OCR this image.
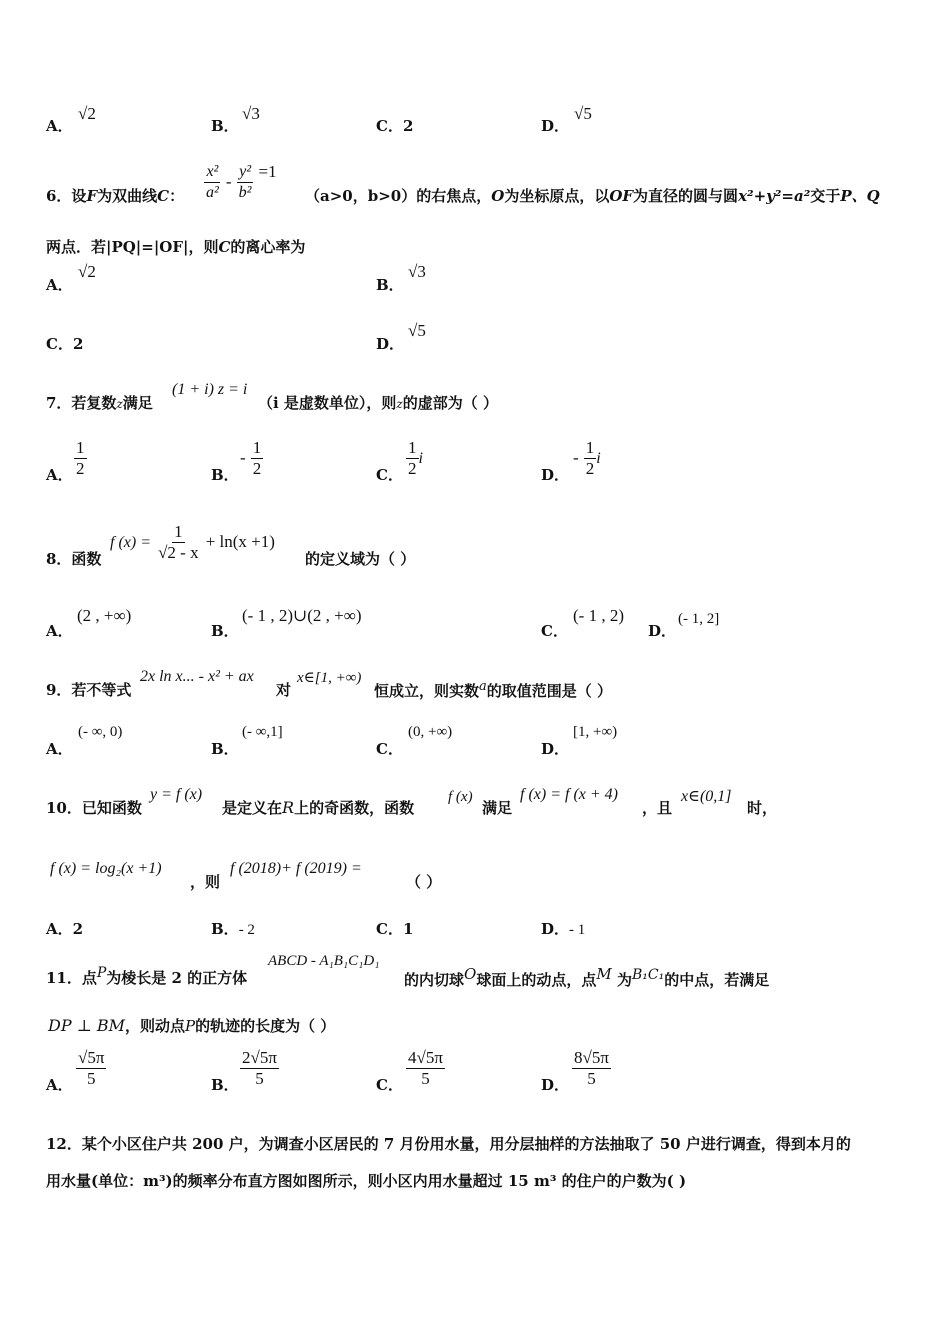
A．
√2
B．
√3
C．2	D．
√5
6．设F为双曲线C： $\frac{\text{x²}}{\text{a²}} - \frac{\text{y²}}{\text{b²}} =1$
（a>0，b>0）的右焦点，O为坐标原点，以OF为直径的圆与圆x²+y²=a²交于P、Q
两点．若|PQ|=|OF|，则C的离心率为
A．
√2
B．
√3
C．2	D．
√5
7．若复数z满足
(1 + i) z = i
（i 是虚数单位），则z的虚部为（ ）
A． $\frac{1}{2}$	B．
- $\frac{1}{2}$	C． $\frac{1}{2}$ i
D．
- $\frac{1}{2}$ i
8．函数
f $(x) = \frac{1}{√2 - x} + \ln(x +1)$
的定义域为（ ）
A．
(2 , +∞)
B．
(- 1 , 2)∪(2 , +∞)
C．
(- 1 , 2)
D．
(- 1, 2]
9．若不等式
2x ln x... - x² + ax
对
x∈[1, +∞)
恒成立，则实数a的取值范围是（ ）
A．
(- ∞, 0)
B．
(- ∞,1]
C．
(0, +∞)
D．
[1, +∞)
10．已知函数
y = f (x)
是定义在R上的奇函数，函数
f (x)
满足
f (x) = f (x + 4)
，且
x∈(0,1]
时，
f (x) = log₂(x +1)
，则
f (2018)+ f (2019) =
（ ）
A．2	B．- 2	C．1	D．- 1
11．点P为棱长是 2 的正方体
ABCD - A₁B₁C₁D₁
的内切球O球面上的动点，点M 为B₁C₁的中点，若满足
DP ⊥ BM，则动点P的轨迹的长度为（ ）
A． $\frac{√5\pi}{5}$	B． $\frac{2√5\pi}{5}$	C． $\frac{4√5\pi}{5}$	D． $\frac{8√5\pi}{5}$
12．某个小区住户共 200 户，为调查小区居民的 7 月份用水量，用分层抽样的方法抽取了 50 户进行调查，得到本月的
用水量(单位：m³)的频率分布直方图如图所示，则小区内用水量超过 15 m³ 的住户的户数为( )
